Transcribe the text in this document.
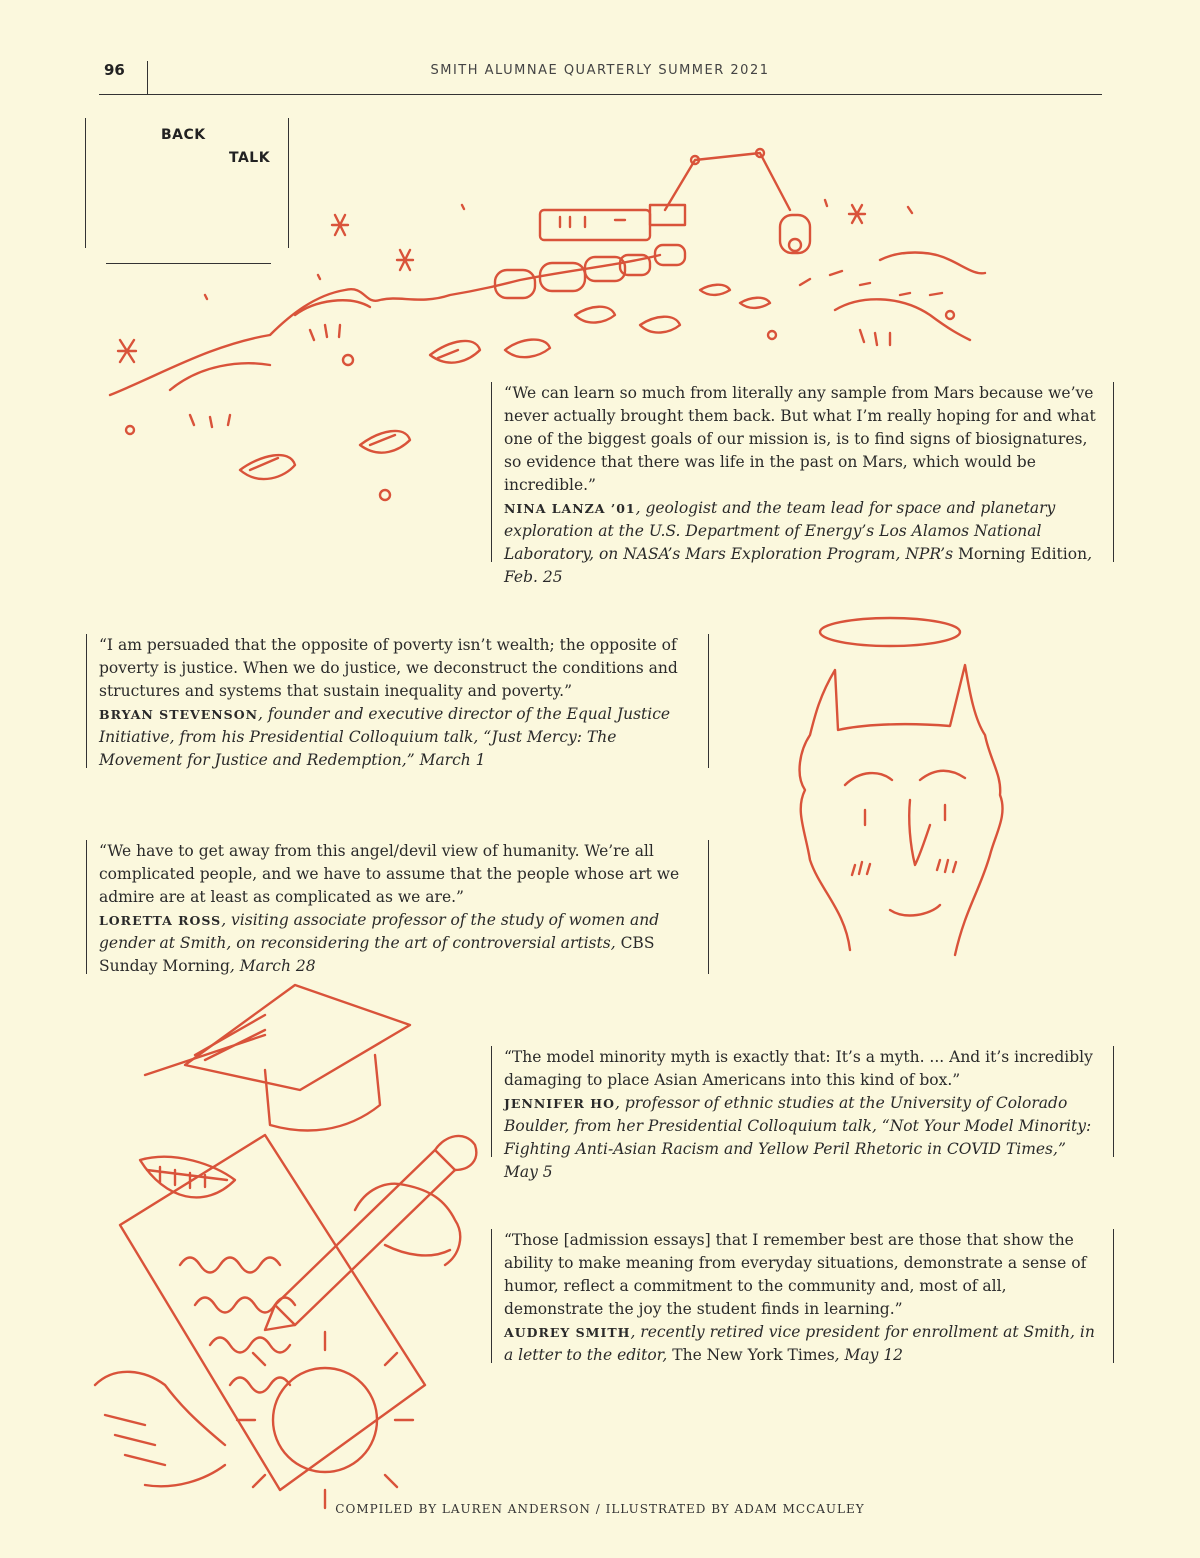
96	SMITH ALUMNAE QUARTERLY SUMMER 2021
BACK
TALK
“We can learn so much from literally any sample from Mars because we’ve never actually brought them back. But what I’m really hoping for and what one of the biggest goals of our mission is, is to find signs of biosignatures, so evidence that there was life in the past on Mars, which would be incredible.”
NINA LANZA ’01, geologist and the team lead for space and planetary exploration at the U.S. Department of Energy’s Los Alamos National Laboratory, on NASA’s Mars Exploration Program, NPR’s Morning Edition, Feb. 25
“I am persuaded that the opposite of poverty isn’t wealth; the opposite of poverty is justice. When we do justice, we deconstruct the conditions and structures and systems that sustain inequality and poverty.”
BRYAN STEVENSON, founder and executive director of the Equal Justice Initiative, from his Presidential Colloquium talk, “Just Mercy: The Movement for Justice and Redemption,” March 1
“We have to get away from this angel/devil view of humanity. We’re all complicated people, and we have to assume that the people whose art we admire are at least as complicated as we are.”
LORETTA ROSS, visiting associate professor of the study of women and gender at Smith, on reconsidering the art of controversial artists, CBS Sunday Morning, March 28
“The model minority myth is exactly that: It’s a myth. ... And it’s incredibly damaging to place Asian Americans into this kind of box.”
JENNIFER HO, professor of ethnic studies at the University of Colorado Boulder, from her Presidential Colloquium talk, “Not Your Model Minority: Fighting Anti-Asian Racism and Yellow Peril Rhetoric in COVID Times,” May 5
“Those [admission essays] that I remember best are those that show the ability to make meaning from everyday situations, demonstrate a sense of humor, reflect a commitment to the community and, most of all, demonstrate the joy the student finds in learning.”
AUDREY SMITH, recently retired vice president for enrollment at Smith, in a letter to the editor, The New York Times, May 12
COMPILED BY LAUREN ANDERSON / ILLUSTRATED BY ADAM MCCAULEY
